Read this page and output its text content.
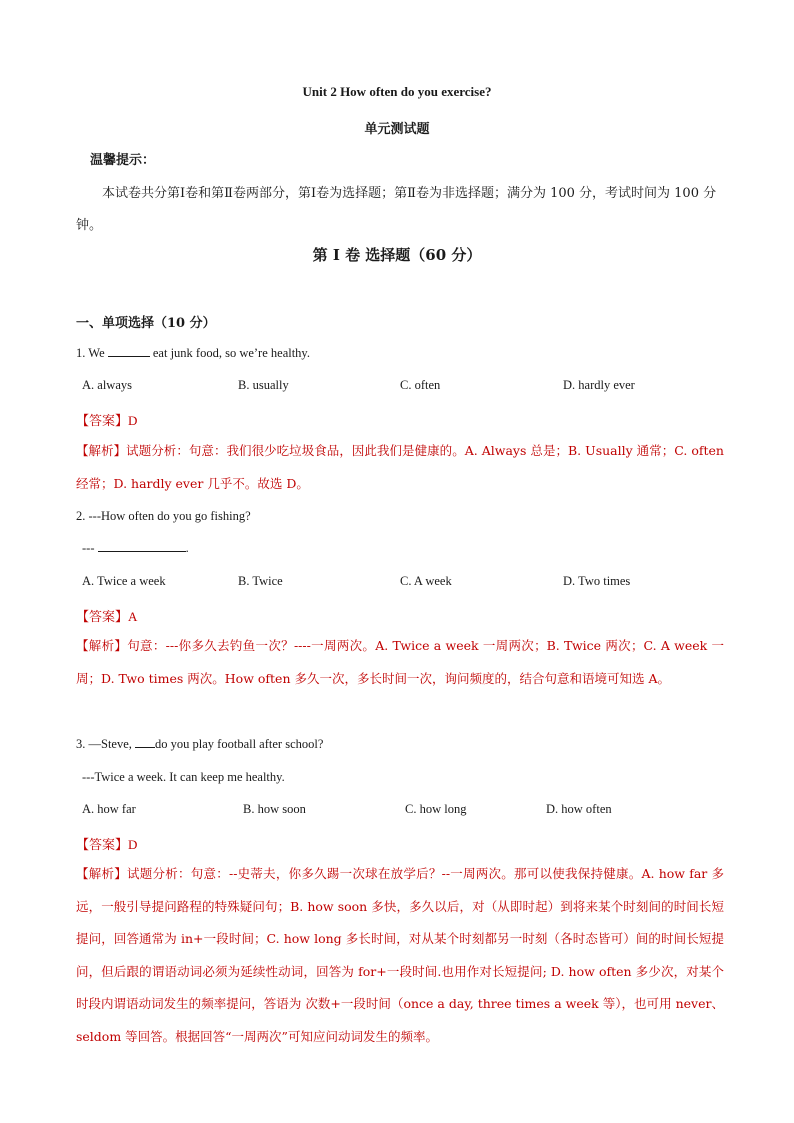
Unit 2 How often do you exercise?
单元测试题
温馨提示：

本试卷共分第Ⅰ卷和第Ⅱ卷两部分，第Ⅰ卷为选择题；第Ⅱ卷为非选择题；满分为 100 分，考试时间为 100 分钟。

第 I 卷 选择题（60 分）
一、单项选择（10 分）
1. We	eat junk food, so we’re healthy.
A. always	B. usually	C. often	D. hardly ever
【答案】D

【解析】试题分析：句意：我们很少吃垃圾食品，因此我们是健康的。A. Always 总是；B. Usually 通常；C. often 经常；D. hardly ever 几乎不。故选 D。

2. ---How often do you go fishing?
---	.
A. Twice a week	B. Twice	C. A week	D. Two times
【答案】A

【解析】句意：---你多久去钓鱼一次？----一周两次。A. Twice a week 一周两次；B. Twice 两次；C. A week 一周；D. Two times 两次。How often 多久一次，多长时间一次，询问频度的，结合句意和语境可知选 A。

3. —Steve, do you play football after school?
---Twice a week. It can keep me healthy.
A. how far	B. how soon	C. how long	D. how often
【答案】D

【解析】试题分析：句意：--史蒂夫，你多久踢一次球在放学后？--一周两次。那可以使我保持健康。A. how far 多远，一般引导提问路程的特殊疑问句；B. how soon 多快，多久以后，对（从即时起）到将来某个时刻间的时间长短提问，回答通常为 in+一段时间；C. how long 多长时间，对从某个时刻都另一时刻（各时态皆可）间的时间长短提问，但后跟的谓语动词必须为延续性动词，回答为 for+一段时间.也用作对长短提问; D. how often 多少次，对某个时段内谓语动词发生的频率提问，答语为 次数+一段时间（once a day, three times a week 等），也可用 never、seldom 等回答。根据回答“一周两次”可知应问动词发生的频率。
